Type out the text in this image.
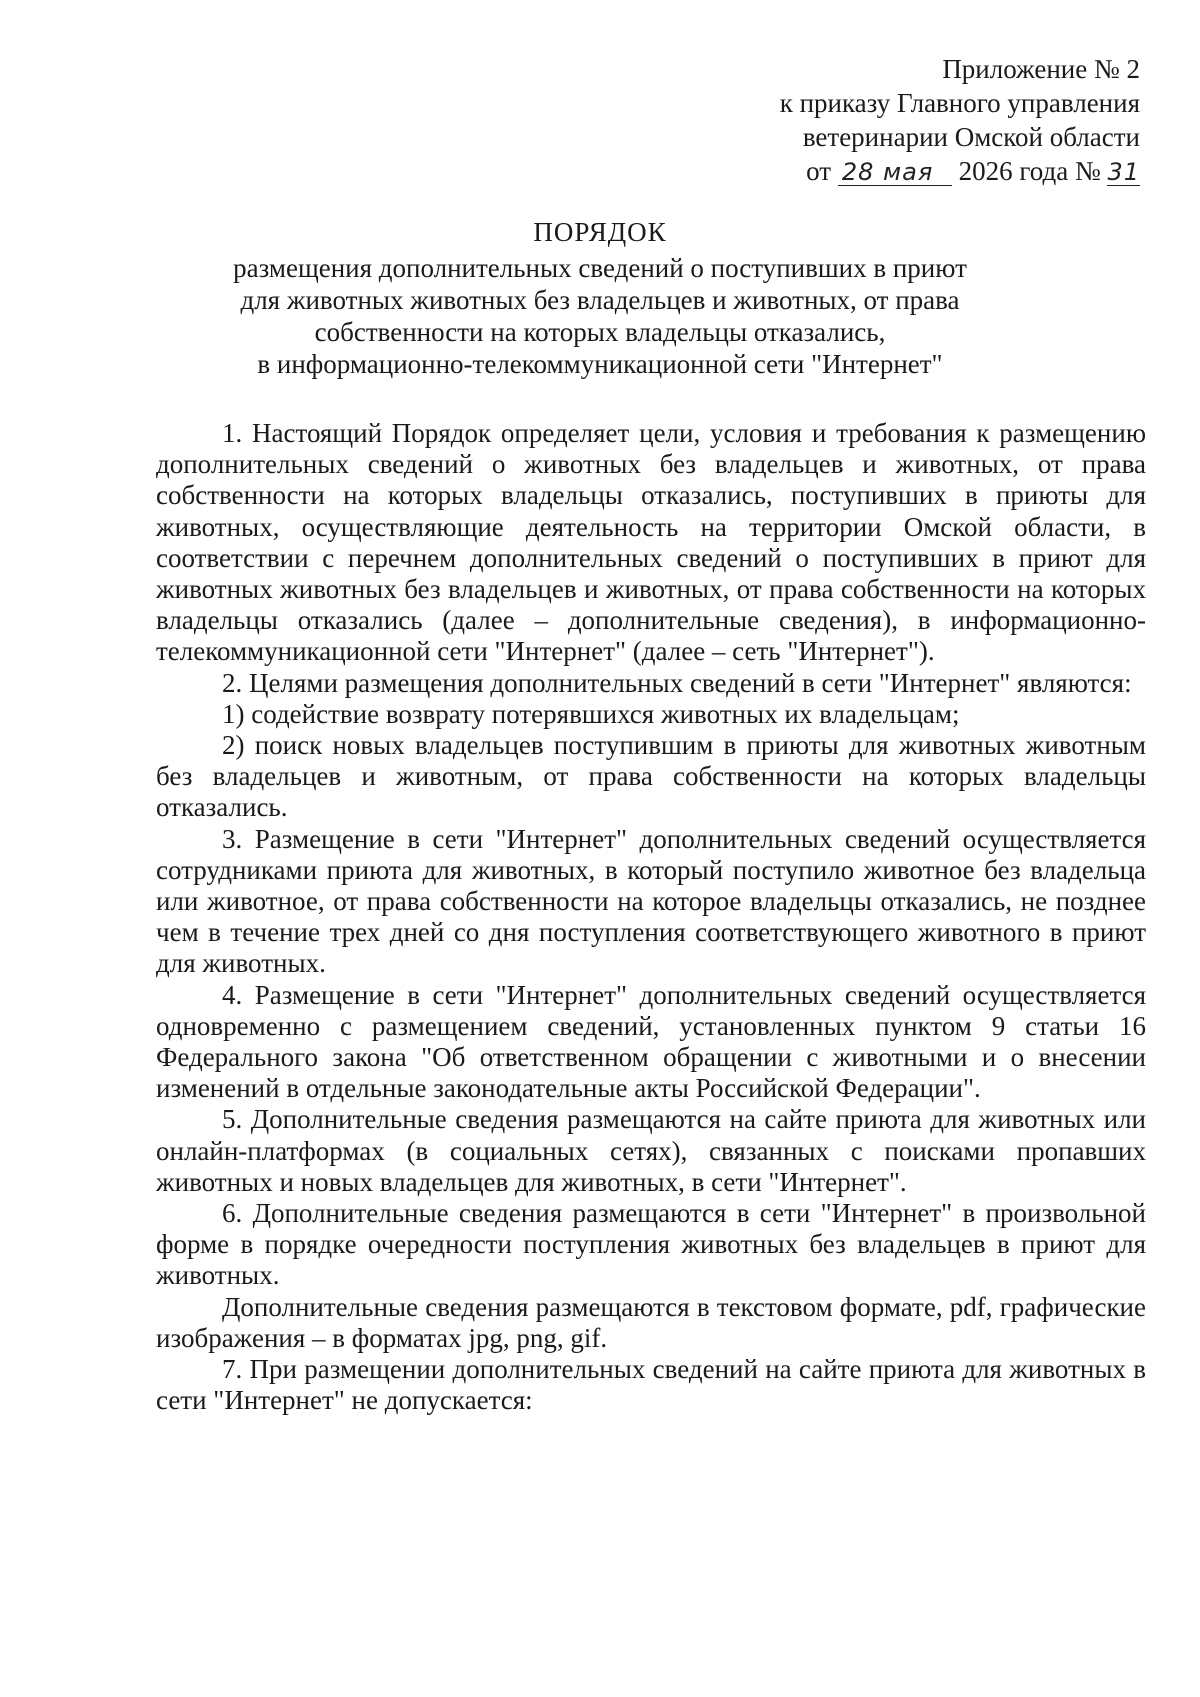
Приложение № 2
к приказу Главного управления
ветеринарии Омской области
от 28 мая 2026 года № 31
ПОРЯДОК
размещения дополнительных сведений о поступивших в приют
для животных животных без владельцев и животных, от права
собственности на которых владельцы отказались,
в информационно-телекоммуникационной сети "Интернет"

1. Настоящий Порядок определяет цели, условия и требования к размещению дополнительных сведений о животных без владельцев и животных, от права собственности на которых владельцы отказались, поступивших в приюты для животных, осуществляющие деятельность на территории Омской области, в соответствии с перечнем дополнительных сведений о поступивших в приют для животных животных без владельцев и животных, от права собственности на которых владельцы отказались (далее – дополнительные сведения), в информационно-телекоммуникационной сети "Интернет" (далее – сеть "Интернет").

2. Целями размещения дополнительных сведений в сети "Интернет" являются:

1) содействие возврату потерявшихся животных их владельцам;

2) поиск новых владельцев поступившим в приюты для животных животным без владельцев и животным, от права собственности на которых владельцы отказались.

3. Размещение в сети "Интернет" дополнительных сведений осуществляется сотрудниками приюта для животных, в который поступило животное без владельца или животное, от права собственности на которое владельцы отказались, не позднее чем в течение трех дней со дня поступления соответствующего животного в приют для животных.

4. Размещение в сети "Интернет" дополнительных сведений осуществляется одновременно с размещением сведений, установленных пунктом 9 статьи 16 Федерального закона "Об ответственном обращении с животными и о внесении изменений в отдельные законодательные акты Российской Федерации".

5. Дополнительные сведения размещаются на сайте приюта для животных или онлайн-платформах (в социальных сетях), связанных с поисками пропавших животных и новых владельцев для животных, в сети "Интернет".

6. Дополнительные сведения размещаются в сети "Интернет" в произвольной форме в порядке очередности поступления животных без владельцев в приют для животных.

Дополнительные сведения размещаются в текстовом формате, pdf, графические изображения – в форматах jpg, png, gif.

7. При размещении дополнительных сведений на сайте приюта для животных в сети "Интернет" не допускается:
